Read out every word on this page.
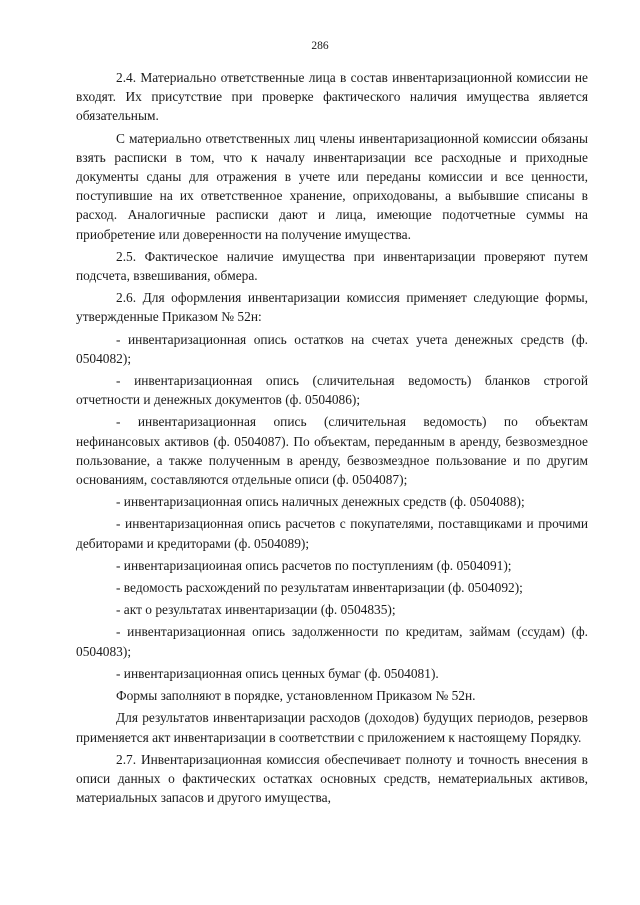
286

2.4. Материально ответственные лица в состав инвентаризационной комиссии не входят. Их присутствие при проверке фактического наличия имущества является обязательным.

С материально ответственных лиц члены инвентаризационной комиссии обязаны взять расписки в том, что к началу инвентаризации все расходные и приходные документы сданы для отражения в учете или переданы комиссии и все ценности, поступившие на их ответственное хранение, оприходованы, а выбывшие списаны в расход. Аналогичные расписки дают и лица, имеющие подотчетные суммы на приобретение или доверенности на получение имущества.

2.5. Фактическое наличие имущества при инвентаризации проверяют путем подсчета, взвешивания, обмера.

2.6. Для оформления инвентаризации комиссия применяет следующие формы, утвержденные Приказом № 52н:

- инвентаризационная опись остатков на счетах учета денежных средств (ф. 0504082);

- инвентаризационная опись (сличительная ведомость) бланков строгой отчетности и денежных документов (ф. 0504086);

- инвентаризационная опись (сличительная ведомость) по объектам нефинансовых активов (ф. 0504087). По объектам, переданным в аренду, безвозмездное пользование, а также полученным в аренду, безвозмездное пользование и по другим основаниям, составляются отдельные описи (ф. 0504087);

- инвентаризационная опись наличных денежных средств (ф. 0504088);

- инвентаризационная опись расчетов с покупателями, поставщиками и прочими дебиторами и кредиторами (ф. 0504089);

- инвентаризациоиная опись расчетов по поступлениям (ф. 0504091);

- ведомость расхождений по результатам инвентаризации (ф. 0504092);

- акт о результатах инвентаризации (ф. 0504835);

- инвентаризационная опись задолженности по кредитам, займам (ссудам) (ф. 0504083);

- инвентаризационная опись ценных бумаг (ф. 0504081).

Формы заполняют в порядке, установленном Приказом № 52н.

Для результатов инвентаризации расходов (доходов) будущих периодов, резервов применяется акт инвентаризации в соответствии с приложением к настоящему Порядку.

2.7. Инвентаризационная комиссия обеспечивает полноту и точность внесения в описи данных о фактических остатках основных средств, нематериальных активов, материальных запасов и другого имущества,
